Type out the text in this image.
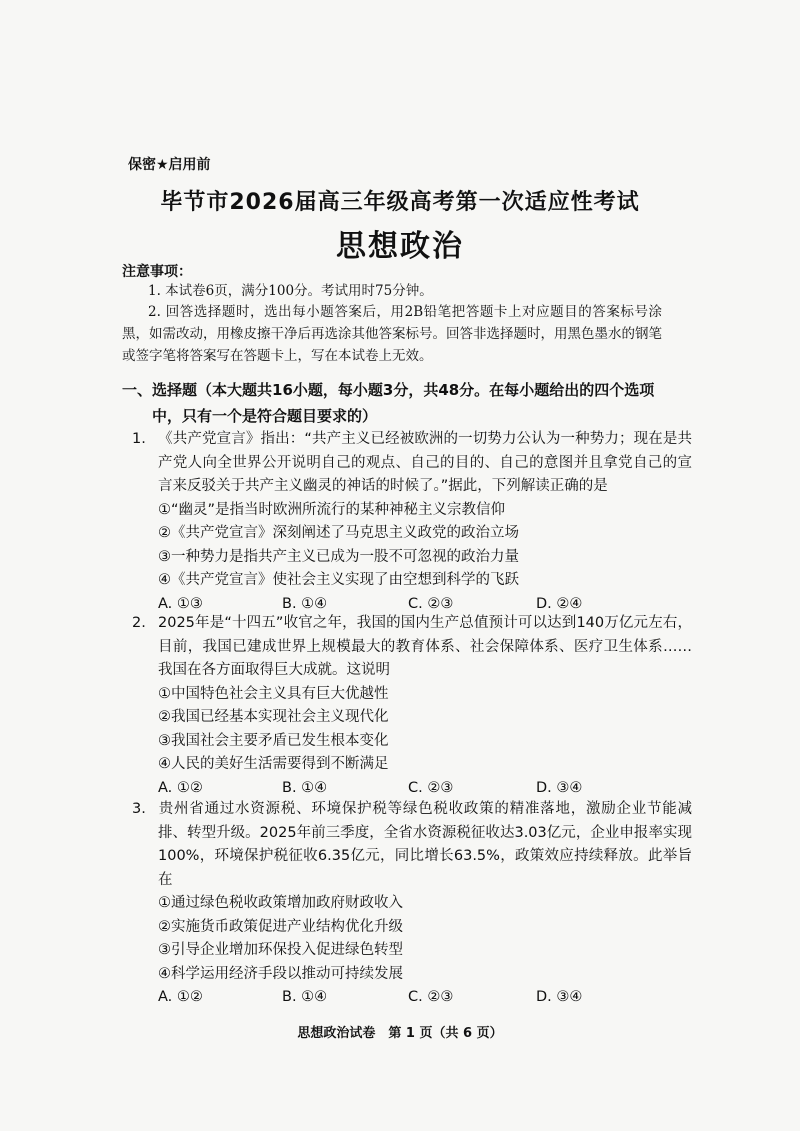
保密★启用前
毕节市2026届高三年级高考第一次适应性考试
思想政治
注意事项：
1. 本试卷6页，满分100分。考试用时75分钟。
2. 回答选择题时，选出每小题答案后，用2B铅笔把答题卡上对应题目的答案标号涂黑，如需改动，用橡皮擦干净后再选涂其他答案标号。回答非选择题时，用黑色墨水的钢笔或签字笔将答案写在答题卡上，写在本试卷上无效。
一、选择题（本大题共16小题，每小题3分，共48分。在每小题给出的四个选项
中，只有一个是符合题目要求的）
1. 《共产党宣言》指出：“共产主义已经被欧洲的一切势力公认为一种势力；现在是共产党人向全世界公开说明自己的观点、自己的目的、自己的意图并且拿党自己的宣言来反驳关于共产主义幽灵的神话的时候了。”据此，下列解读正确的是
①“幽灵”是指当时欧洲所流行的某种神秘主义宗教信仰
②《共产党宣言》深刻阐述了马克思主义政党的政治立场
③一种势力是指共产主义已成为一股不可忽视的政治力量
④《共产党宣言》使社会主义实现了由空想到科学的飞跃
A. ①③	B. ①④	C. ②③	D. ②④
2. 2025年是“十四五”收官之年，我国的国内生产总值预计可以达到140万亿元左右，目前，我国已建成世界上规模最大的教育体系、社会保障体系、医疗卫生体系……我国在各方面取得巨大成就。这说明
①中国特色社会主义具有巨大优越性
②我国已经基本实现社会主义现代化
③我国社会主要矛盾已发生根本变化
④人民的美好生活需要得到不断满足
A. ①②	B. ①④	C. ②③	D. ③④
3. 贵州省通过水资源税、环境保护税等绿色税收政策的精准落地，激励企业节能减排、转型升级。2025年前三季度，全省水资源税征收达3.03亿元，企业申报率实现100%，环境保护税征收6.35亿元，同比增长63.5%，政策效应持续释放。此举旨在
①通过绿色税收政策增加政府财政收入
②实施货币政策促进产业结构优化升级
③引导企业增加环保投入促进绿色转型
④科学运用经济手段以推动可持续发展
A. ①②	B. ①④	C. ②③	D. ③④
思想政治试卷　第 1 页（共 6 页）
